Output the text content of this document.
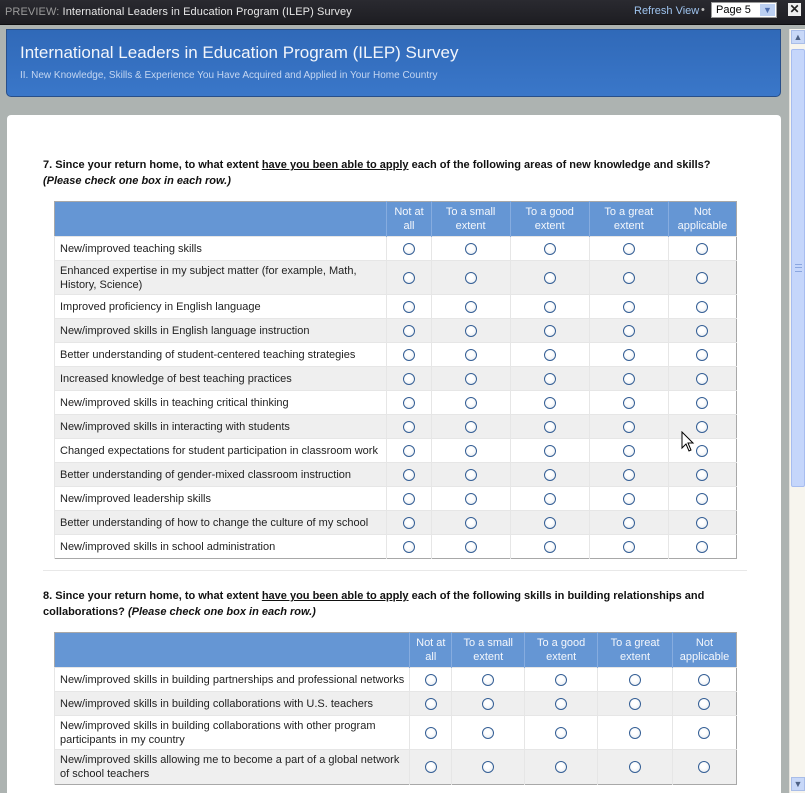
PREVIEW: International Leaders in Education Program (ILEP) Survey	Refresh View •	Page 5	▼ ✕
International Leaders in Education Program (ILEP) Survey
II. New Knowledge, Skills & Experience You Have Acquired and Applied in Your Home Country
7. Since your return home, to what extent have you been able to apply each of the following areas of new knowledge and skills? (Please check one box in each row.)
	Not at all	To a small extent	To a good extent	To a great extent	Not applicable
New/improved teaching skills					
Enhanced expertise in my subject matter (for example, Math, History, Science)					
Improved proficiency in English language					
New/improved skills in English language instruction					
Better understanding of student-centered teaching strategies					
Increased knowledge of best teaching practices					
New/improved skills in teaching critical thinking					
New/improved skills in interacting with students					
Changed expectations for student participation in classroom work					
Better understanding of gender-mixed classroom instruction					
New/improved leadership skills					
Better understanding of how to change the culture of my school					
New/improved skills in school administration					
8. Since your return home, to what extent have you been able to apply each of the following skills in building relationships and collaborations? (Please check one box in each row.)
	Not at all	To a small extent	To a good extent	To a great extent	Not applicable
New/improved skills in building partnerships and professional networks					
New/improved skills in building collaborations with U.S. teachers					
New/improved skills in building collaborations with other program participants in my country					
New/improved skills allowing me to become a part of a global network of school teachers					
▲
▼
